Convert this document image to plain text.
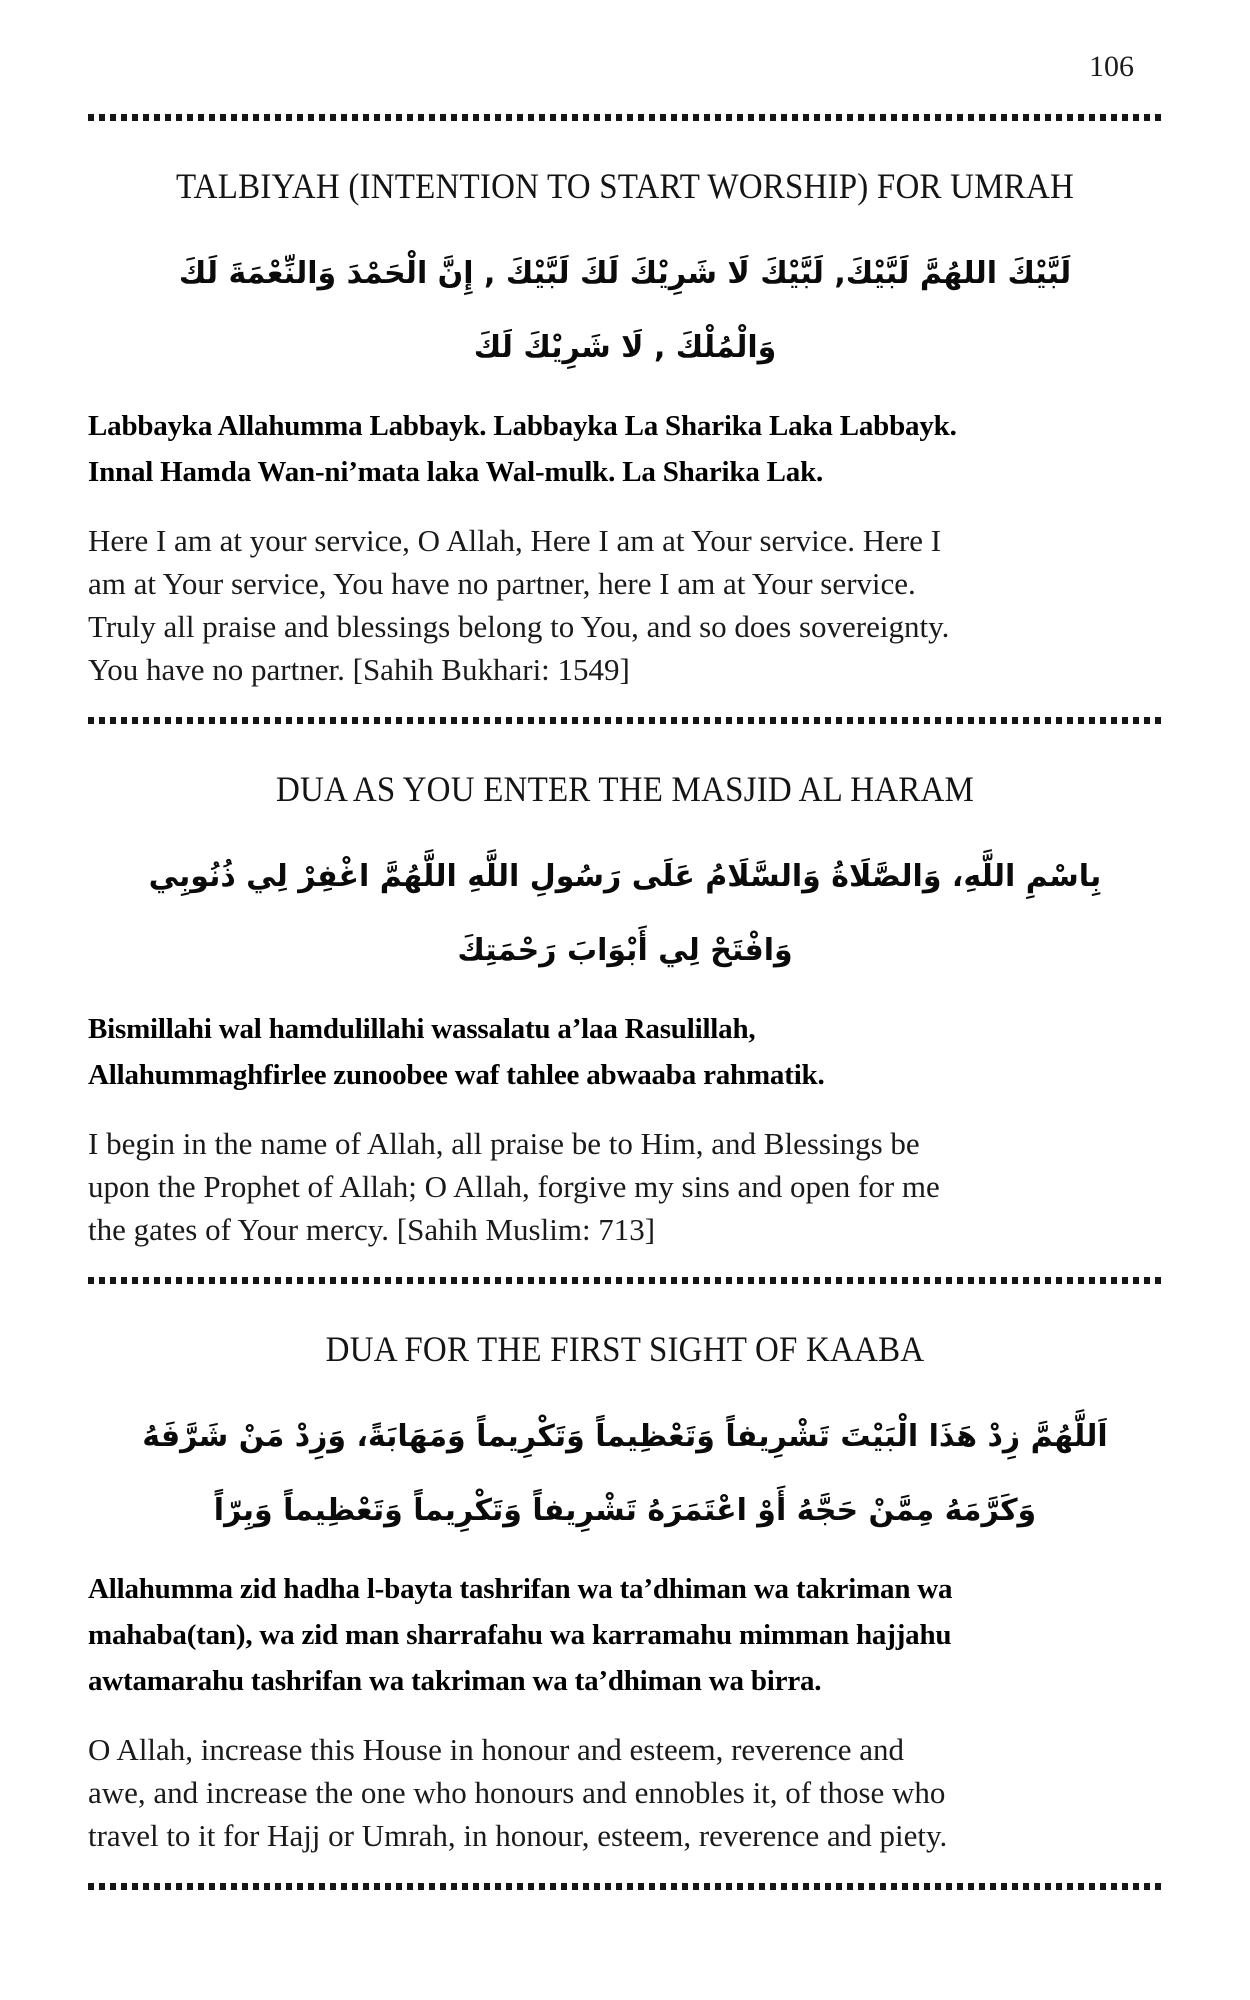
106
TALBIYAH (INTENTION TO START WORSHIP) FOR UMRAH
لَبَّيْكَ اللهُمَّ لَبَّيْكَ, لَبَّيْكَ لَا شَرِيْكَ لَكَ لَبَّيْكَ , إِنَّ الْحَمْدَ وَالنِّعْمَةَ لَكَ
وَالْمُلْكَ , لَا شَرِيْكَ لَكَ
Labbayka Allahumma Labbayk. Labbayka La Sharika Laka Labbayk.
Innal Hamda Wan-ni’mata laka Wal-mulk. La Sharika Lak.
Here I am at your service, O Allah, Here I am at Your service. Here I
am at Your service, You have no partner, here I am at Your service.
Truly all praise and blessings belong to You, and so does sovereignty.
You have no partner. [Sahih Bukhari: 1549]
DUA AS YOU ENTER THE MASJID AL HARAM
بِاسْمِ اللَّهِ، وَالصَّلَاةُ وَالسَّلَامُ عَلَى رَسُولِ اللَّهِ اللَّهُمَّ اغْفِرْ لِي ذُنُوبِي
وَافْتَحْ لِي أَبْوَابَ رَحْمَتِكَ
Bismillahi wal hamdulillahi wassalatu a’laa Rasulillah,
Allahummaghfirlee zunoobee waf tahlee abwaaba rahmatik.
I begin in the name of Allah, all praise be to Him, and Blessings be
upon the Prophet of Allah; O Allah, forgive my sins and open for me
the gates of Your mercy. [Sahih Muslim: 713]
DUA FOR THE FIRST SIGHT OF KAABA
اَللَّهُمَّ زِدْ هَذَا الْبَيْتَ تَشْرِيفاً وَتَعْظِيماً وَتَكْرِيماً وَمَهَابَةً، وَزِدْ مَنْ شَرَّفَهُ
وَكَرَّمَهُ مِمَّنْ حَجَّهُ أَوْ اعْتَمَرَهُ تَشْرِيفاً وَتَكْرِيماً وَتَعْظِيماً وَبِرّاً
Allahumma zid hadha l-bayta tashrifan wa ta’dhiman wa takriman wa
mahaba(tan), wa zid man sharrafahu wa karramahu mimman hajjahu
awtamarahu tashrifan wa takriman wa ta’dhiman wa birra.
O Allah, increase this House in honour and esteem, reverence and
awe, and increase the one who honours and ennobles it, of those who
travel to it for Hajj or Umrah, in honour, esteem, reverence and piety.
